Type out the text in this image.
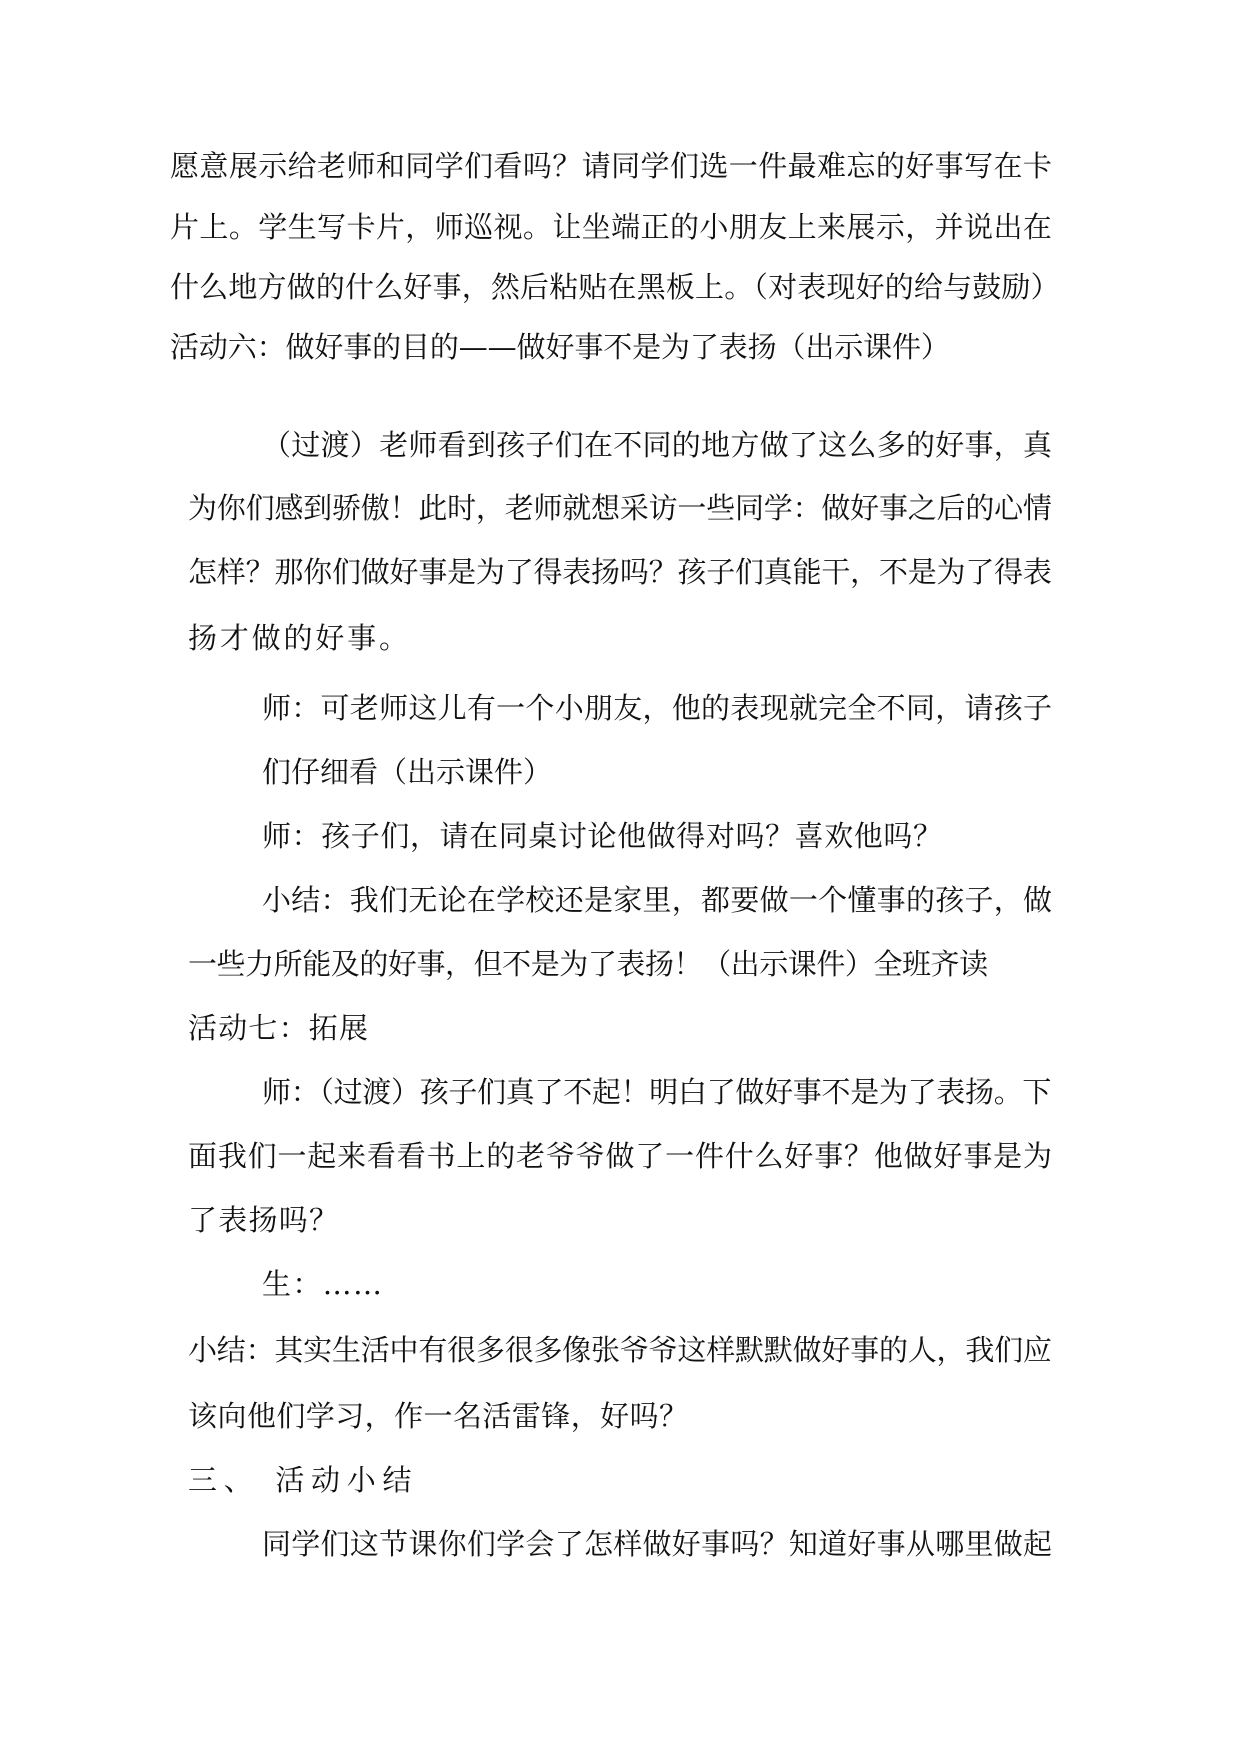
愿意展示给老师和同学们看吗？请同学们选一件最难忘的好事写在卡
片上。学生写卡片，师巡视。让坐端正的小朋友上来展示，并说出在
什么地方做的什么好事，然后粘贴在黑板上。（对表现好的给与鼓励）
活动六：做好事的目的——做好事不是为了表扬（出示课件）
（过渡）老师看到孩子们在不同的地方做了这么多的好事，真
为你们感到骄傲！此时，老师就想采访一些同学：做好事之后的心情
怎样？那你们做好事是为了得表扬吗？孩子们真能干，不是为了得表
扬才做的好事。
师：可老师这儿有一个小朋友，他的表现就完全不同，请孩子
们仔细看（出示课件）
师：孩子们，请在同桌讨论他做得对吗？喜欢他吗？
小结：我们无论在学校还是家里，都要做一个懂事的孩子，做
一些力所能及的好事，但不是为了表扬！（出示课件）全班齐读
活动七：拓展
师：（过渡）孩子们真了不起！明白了做好事不是为了表扬。下
面我们一起来看看书上的老爷爷做了一件什么好事？他做好事是为
了表扬吗？
生：……
小结：其实生活中有很多很多像张爷爷这样默默做好事的人，我们应
该向他们学习，作一名活雷锋，好吗？
三、 活动小结
同学们这节课你们学会了怎样做好事吗？知道好事从哪里做起
